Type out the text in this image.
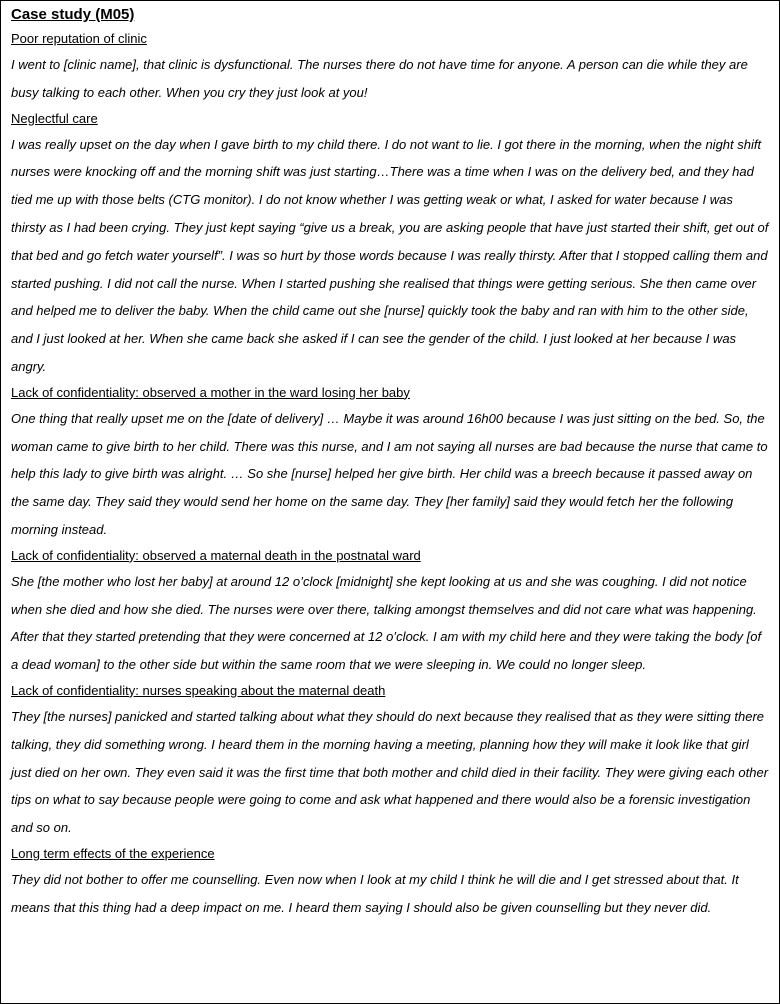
Case study (M05)
Poor reputation of clinic
I went to [clinic name], that clinic is dysfunctional. The nurses there do not have time for anyone. A person can die while they are busy talking to each other. When you cry they just look at you!
Neglectful care
I was really upset on the day when I gave birth to my child there. I do not want to lie. I got there in the morning, when the night shift nurses were knocking off and the morning shift was just starting…There was a time when I was on the delivery bed, and they had tied me up with those belts (CTG monitor). I do not know whether I was getting weak or what, I asked for water because I was thirsty as I had been crying. They just kept saying “give us a break, you are asking people that have just started their shift, get out of that bed and go fetch water yourself”. I was so hurt by those words because I was really thirsty. After that I stopped calling them and started pushing. I did not call the nurse. When I started pushing she realised that things were getting serious. She then came over and helped me to deliver the baby. When the child came out she [nurse] quickly took the baby and ran with him to the other side, and I just looked at her. When she came back she asked if I can see the gender of the child. I just looked at her because I was angry.
Lack of confidentiality: observed a mother in the ward losing her baby
One thing that really upset me on the [date of delivery] … Maybe it was around 16h00 because I was just sitting on the bed. So, the woman came to give birth to her child. There was this nurse, and I am not saying all nurses are bad because the nurse that came to help this lady to give birth was alright. … So she [nurse] helped her give birth. Her child was a breech because it passed away on the same day. They said they would send her home on the same day. They [her family] said they would fetch her the following morning instead.
Lack of confidentiality: observed a maternal death in the postnatal ward
She [the mother who lost her baby] at around 12 o’clock [midnight] she kept looking at us and she was coughing. I did not notice when she died and how she died. The nurses were over there, talking amongst themselves and did not care what was happening. After that they started pretending that they were concerned at 12 o’clock. I am with my child here and they were taking the body [of a dead woman] to the other side but within the same room that we were sleeping in. We could no longer sleep.
Lack of confidentiality: nurses speaking about the maternal death
They [the nurses] panicked and started talking about what they should do next because they realised that as they were sitting there talking, they did something wrong. I heard them in the morning having a meeting, planning how they will make it look like that girl just died on her own. They even said it was the first time that both mother and child died in their facility. They were giving each other tips on what to say because people were going to come and ask what happened and there would also be a forensic investigation and so on.
Long term effects of the experience
They did not bother to offer me counselling. Even now when I look at my child I think he will die and I get stressed about that. It means that this thing had a deep impact on me. I heard them saying I should also be given counselling but they never did.
